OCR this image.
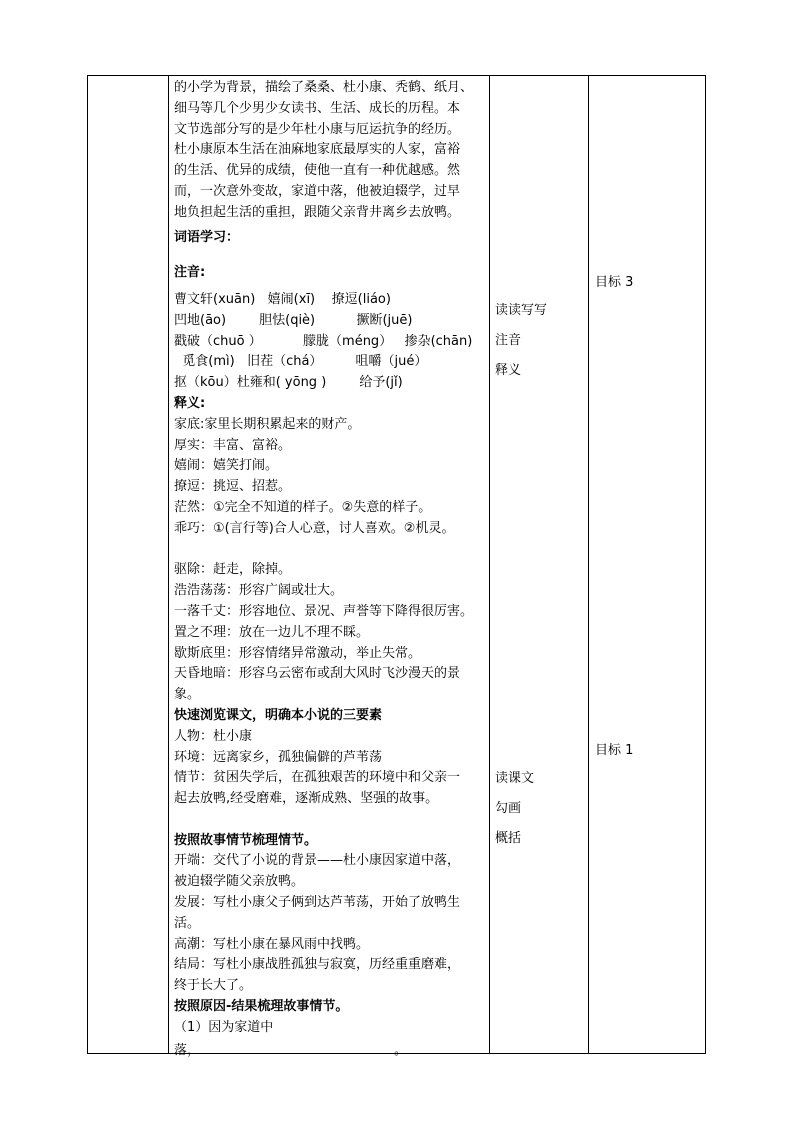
的小学为背景，描绘了桑桑、杜小康、秃鹤、纸月、

细马等几个少男少女读书、生活、成长的历程。本

文节选部分写的是少年杜小康与厄运抗争的经历。

杜小康原本生活在油麻地家底最厚实的人家，富裕

的生活、优异的成绩，使他一直有一种优越感。然

而，一次意外变故，家道中落，他被迫辍学，过早

地负担起生活的重担，跟随父亲背井离乡去放鸭。

词语学习：

注音:

曹文轩(xuān)   嬉闹(xī)    撩逗(liáo)

凹地(āo)        胆怯(qiè)          撅断(juē)

戳破（chuō ）          朦胧（méng）   掺杂(chān)

觅食(mì)   旧茬（chá）        咀嚼（jué）

抠（kōu）杜雍和( yōng )        给予(jǐ)

释义:

家底:家里长期积累起来的财产。

厚实：丰富、富裕。

嬉闹：嬉笑打闹。

撩逗：挑逗、招惹。

茫然：①完全不知道的样子。②失意的样子。

乖巧：①(言行等)合人心意，讨人喜欢。②机灵。

驱除：赶走，除掉。

浩浩荡荡：形容广阔或壮大。

一落千丈：形容地位、景况、声誉等下降得很厉害。

置之不理：放在一边儿不理不睬。

歇斯底里：形容情绪异常激动，举止失常。

天昏地暗：形容乌云密布或刮大风时飞沙漫天的景

象。

快速浏览课文，明确本小说的三要素

人物：杜小康

环境：远离家乡，孤独偏僻的芦苇荡

情节：贫困失学后，在孤独艰苦的环境中和父亲一

起去放鸭,经受磨难，逐渐成熟、坚强的故事。

按照故事情节梳理情节。

开端：交代了小说的背景——杜小康因家道中落，

被迫辍学随父亲放鸭。

发展：写杜小康父子俩到达芦苇荡，开始了放鸭生

活。

高潮：写杜小康在暴风雨中找鸭。

结局：写杜小康战胜孤独与寂寞，历经重重磨难，

终于长大了。

按照原因-结果梳理故事情节。

（1）因为家道中

落，	。

读读写写
注音
释义
读课文
勾画
概括
目标 3
目标 1
